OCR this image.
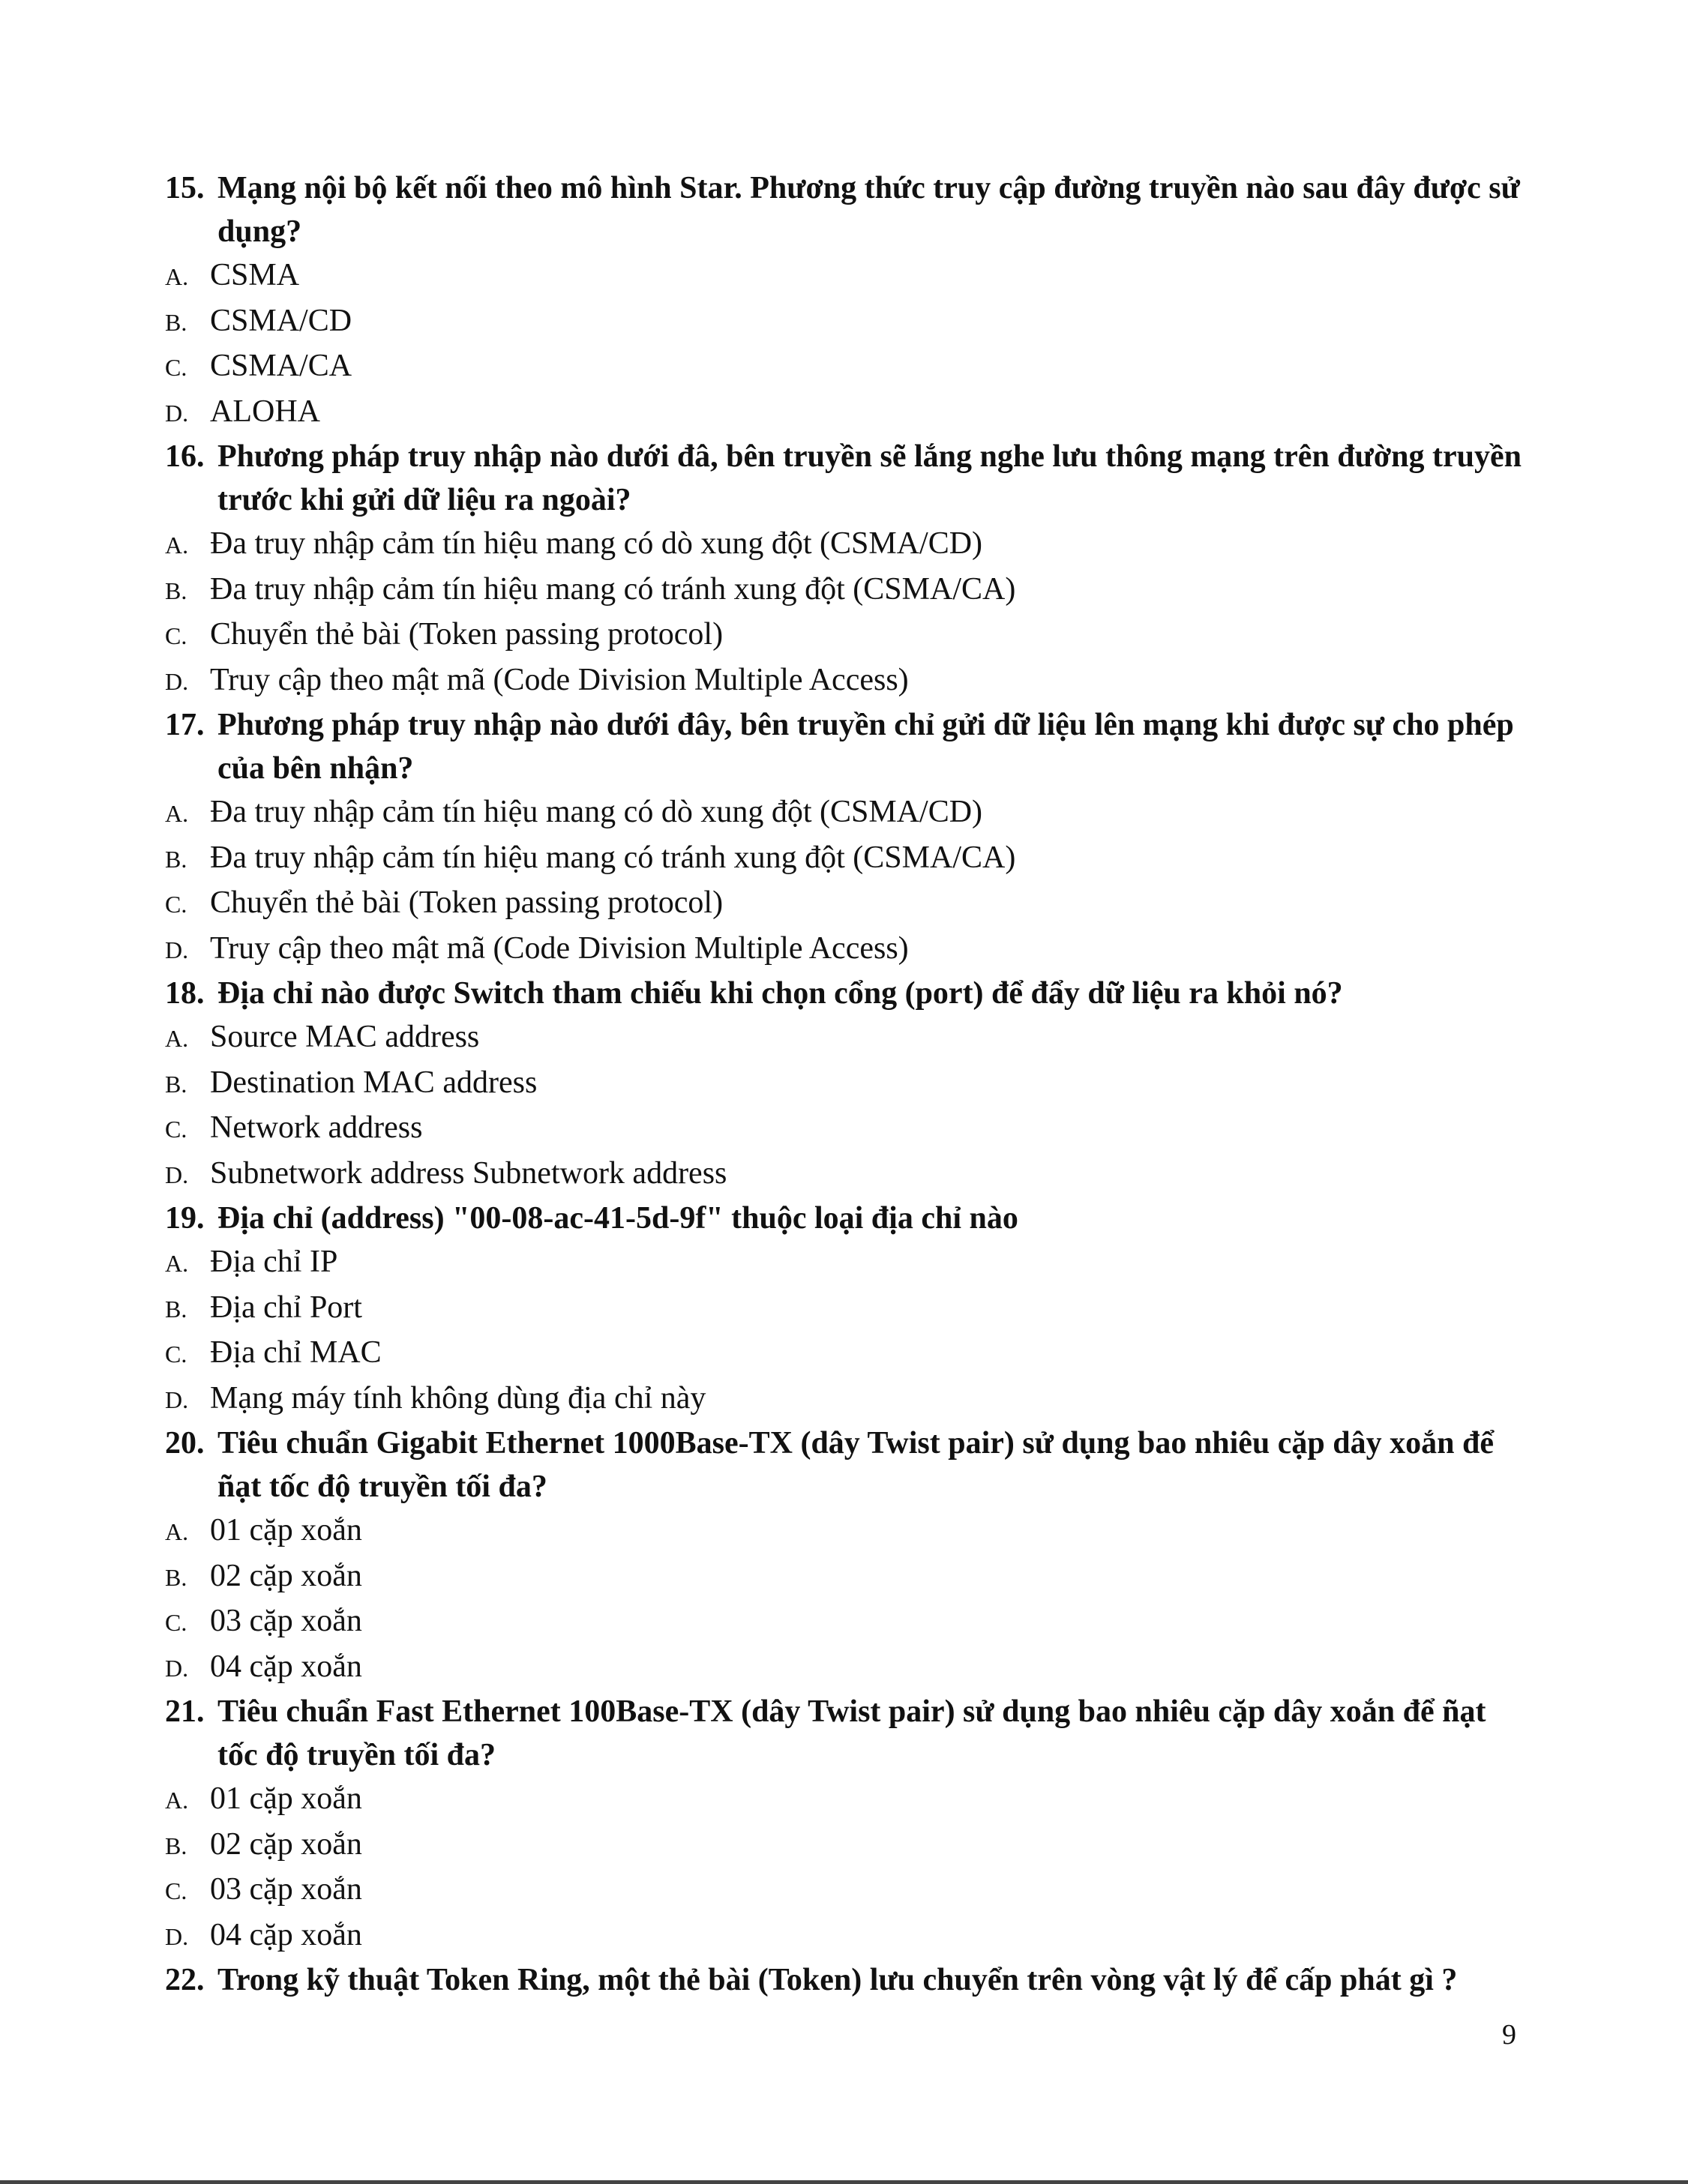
15. Mạng nội bộ kết nối theo mô hình Star. Phương thức truy cập đường truyền nào sau đây được sử dụng?

A. CSMA
B. CSMA/CD
C. CSMA/CA
D. ALOHA

16. Phương pháp truy nhập nào dưới đâ, bên truyền sẽ lắng nghe lưu thông mạng trên đường truyền trước khi gửi dữ liệu ra ngoài?

A. Đa truy nhập cảm tín hiệu mang có dò xung đột (CSMA/CD)
B. Đa truy nhập cảm tín hiệu mang có tránh xung đột (CSMA/CA)
C. Chuyển thẻ bài (Token passing protocol)
D. Truy cập theo mật mã (Code Division Multiple Access)

17. Phương pháp truy nhập nào dưới đây, bên truyền chỉ gửi dữ liệu lên mạng khi được sự cho phép của bên nhận?

A. Đa truy nhập cảm tín hiệu mang có dò xung đột (CSMA/CD)
B. Đa truy nhập cảm tín hiệu mang có tránh xung đột (CSMA/CA)
C. Chuyển thẻ bài (Token passing protocol)
D. Truy cập theo mật mã (Code Division Multiple Access)

18. Địa chỉ nào được Switch tham chiếu khi chọn cổng (port) để đẩy dữ liệu ra khỏi nó?

A. Source MAC address
B. Destination MAC address
C. Network address
D. Subnetwork address Subnetwork address

19. Địa chỉ (address) "00-08-ac-41-5d-9f" thuộc loại địa chỉ nào

A. Địa chỉ IP
B. Địa chỉ Port
C. Địa chỉ MAC
D. Mạng máy tính không dùng địa chỉ này

20. Tiêu chuẩn Gigabit Ethernet 1000Base-TX (dây Twist pair) sử dụng bao nhiêu cặp dây xoắn để ñạt tốc độ truyền tối đa?

A. 01 cặp xoắn
B. 02 cặp xoắn
C. 03 cặp xoắn
D. 04 cặp xoắn

21. Tiêu chuẩn Fast Ethernet 100Base-TX (dây Twist pair) sử dụng bao nhiêu cặp dây xoắn để ñạt tốc độ truyền tối đa?

A. 01 cặp xoắn
B. 02 cặp xoắn
C. 03 cặp xoắn
D. 04 cặp xoắn

22. Trong kỹ thuật Token Ring, một thẻ bài (Token) lưu chuyển trên vòng vật lý để cấp phát gì ?

9
